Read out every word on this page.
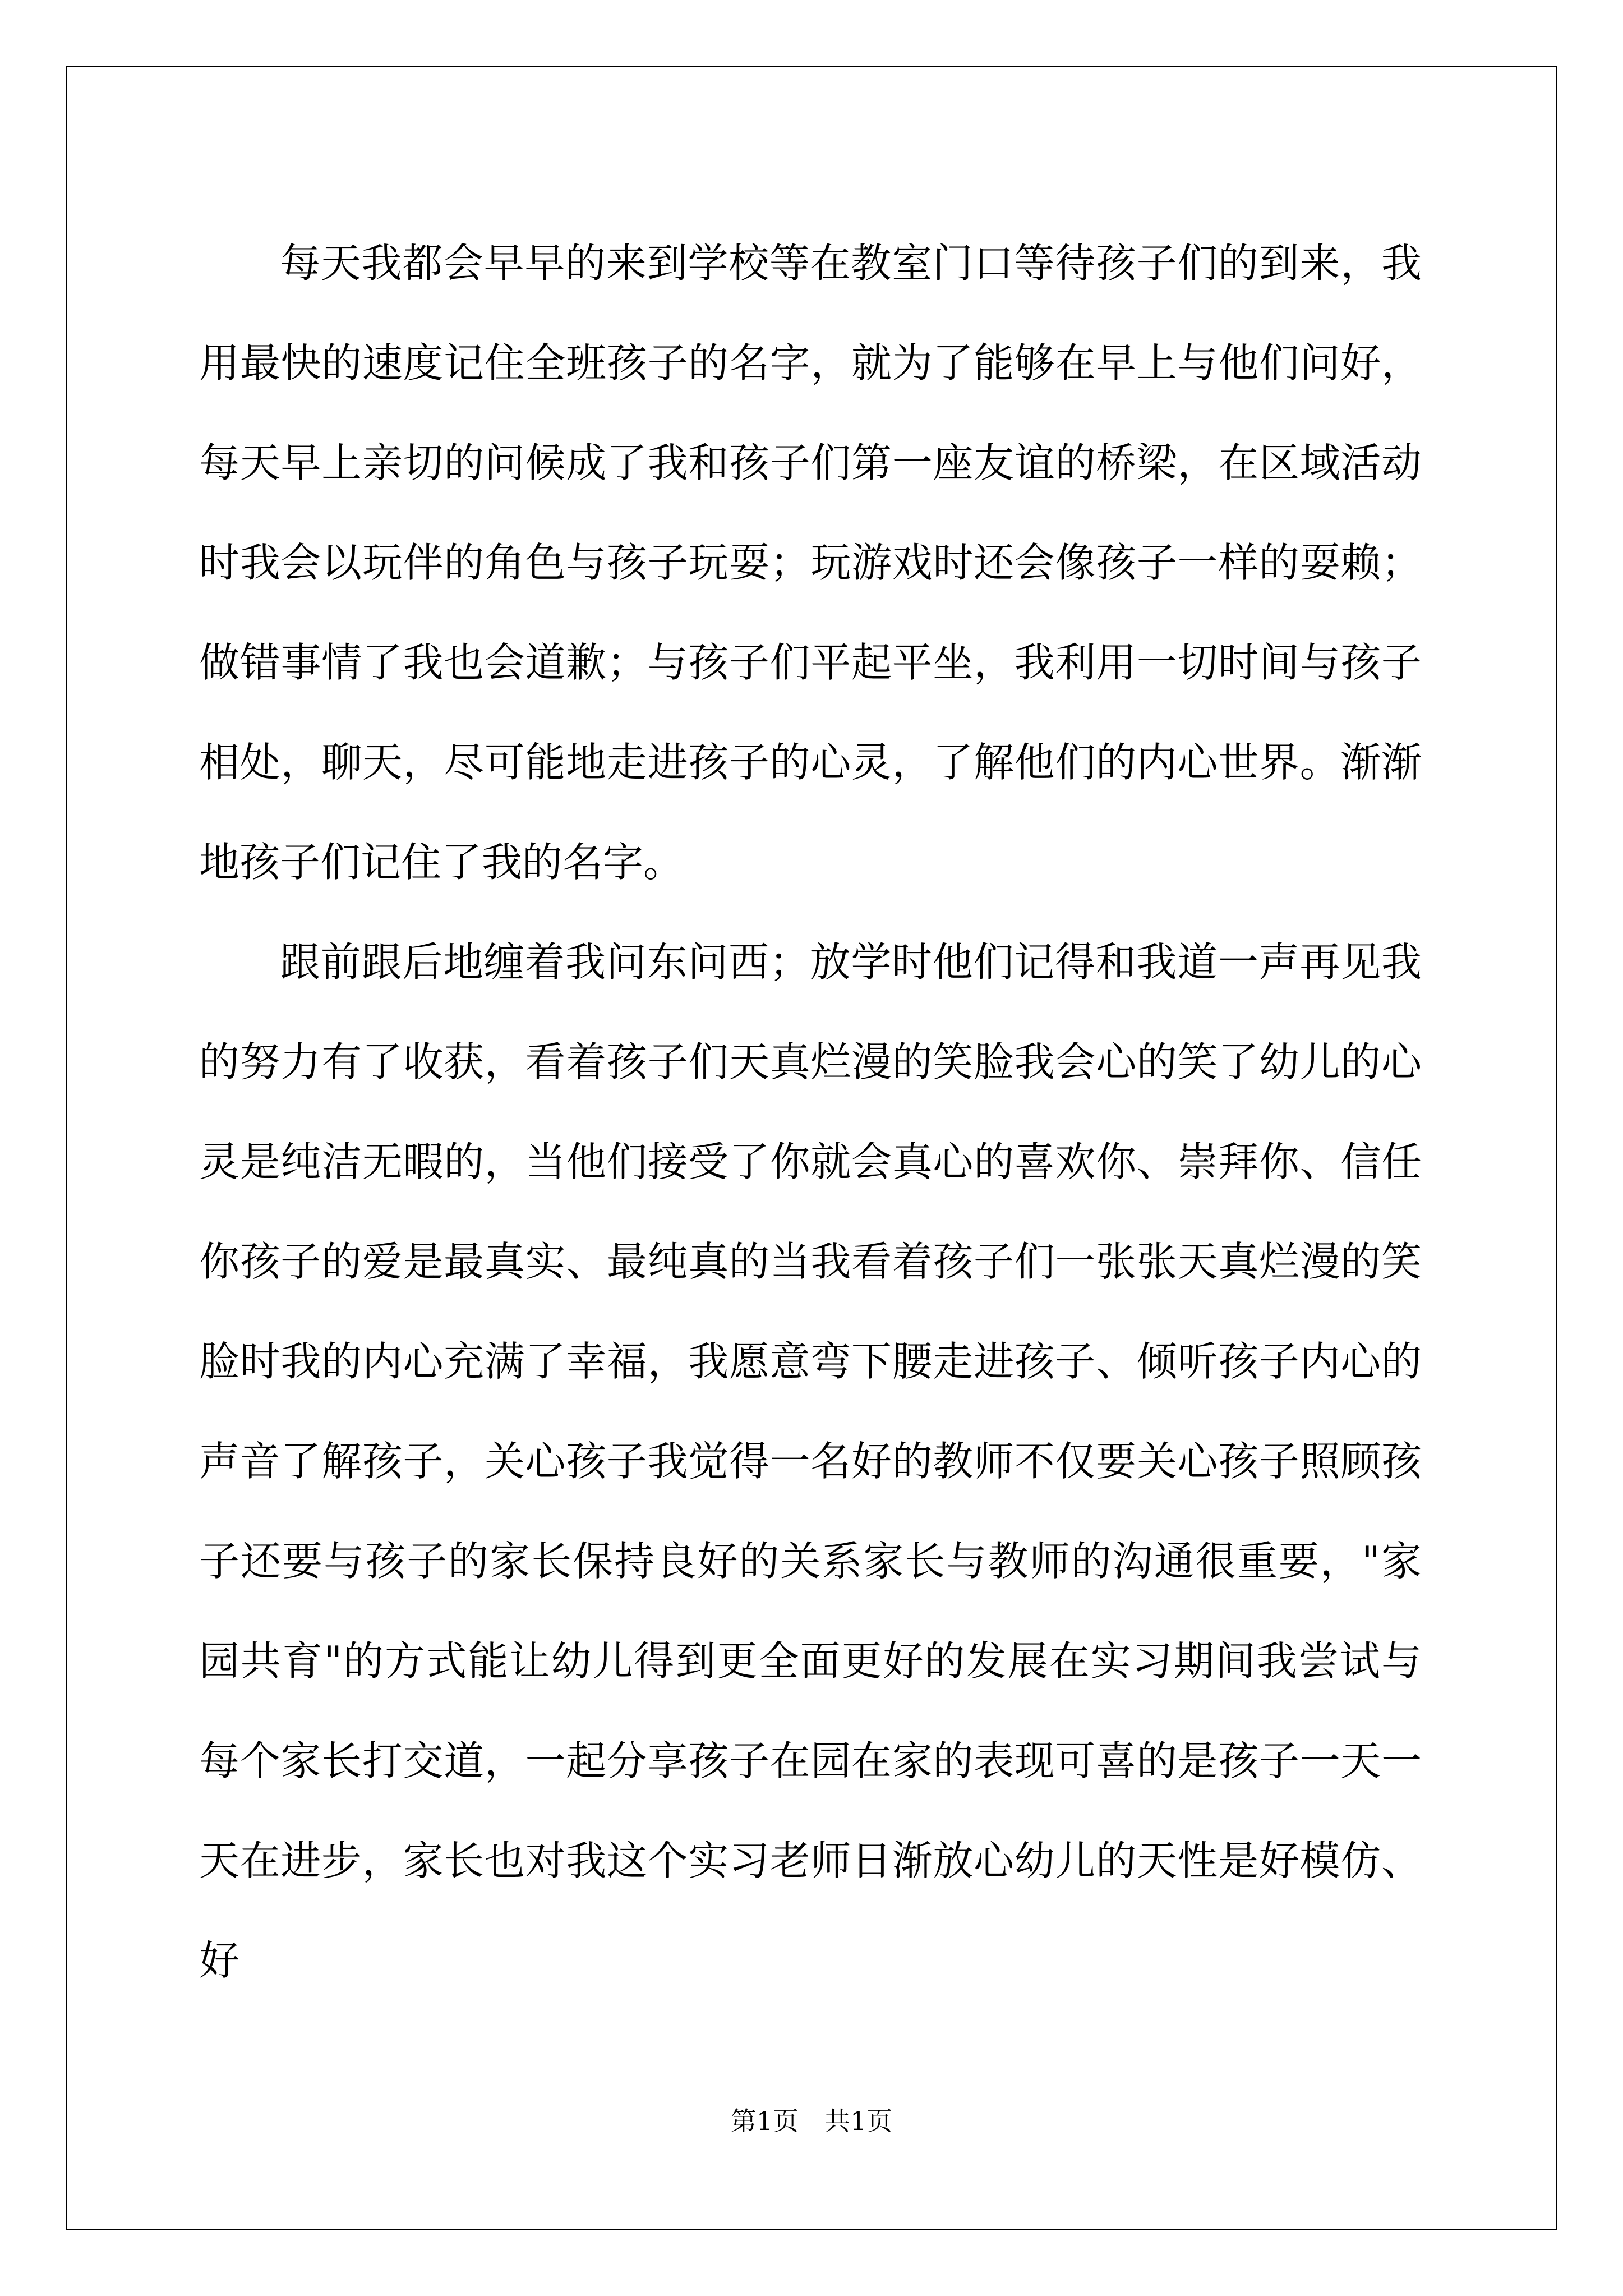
每天我都会早早的来到学校等在教室门口等待孩子们的到来，我用最快的速度记住全班孩子的名字，就为了能够在早上与他们问好，每天早上亲切的问候成了我和孩子们第一座友谊的桥梁，在区域活动时我会以玩伴的角色与孩子玩耍；玩游戏时还会像孩子一样的耍赖；做错事情了我也会道歉；与孩子们平起平坐，我利用一切时间与孩子相处，聊天，尽可能地走进孩子的心灵，了解他们的内心世界。渐渐地孩子们记住了我的名字。

跟前跟后地缠着我问东问西；放学时他们记得和我道一声再见我的努力有了收获，看着孩子们天真烂漫的笑脸我会心的笑了幼儿的心灵是纯洁无暇的，当他们接受了你就会真心的喜欢你、崇拜你、信任你孩子的爱是最真实、最纯真的当我看着孩子们一张张天真烂漫的笑脸时我的内心充满了幸福，我愿意弯下腰走进孩子、倾听孩子内心的声音了解孩子，关心孩子我觉得一名好的教师不仅要关心孩子照顾孩子还要与孩子的家长保持良好的关系家长与教师的沟通很重要，"家园共育"的方式能让幼儿得到更全面更好的发展在实习期间我尝试与每个家长打交道，一起分享孩子在园在家的表现可喜的是孩子一天一天在进步，家长也对我这个实习老师日渐放心幼儿的天性是好模仿、好

第1页　共1页
